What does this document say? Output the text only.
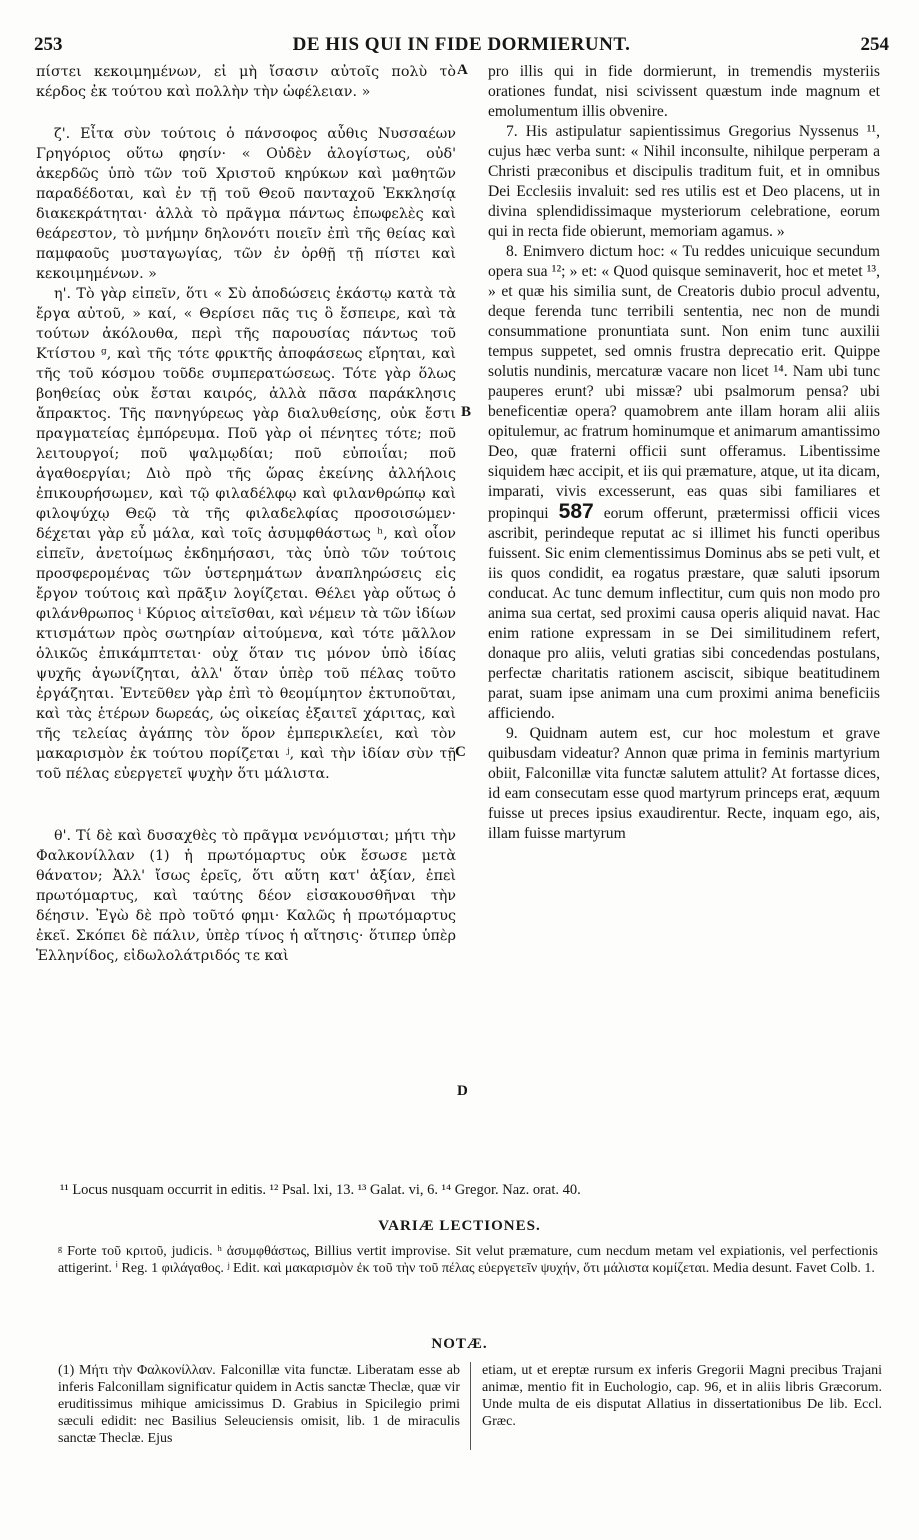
253	DE HIS QUI IN FIDE DORMIERUNT.	254

πίστει κεκοιμημένων, εἰ μὴ ἴσασιν αὐτοῖς πολὺ τὸ κέρδος ἐκ τούτου καὶ πολλὴν τὴν ὠφέλειαν. »

ζ'. Εἶτα σὺν τούτοις ὁ πάνσοφος αὖθις Νυσσαέων Γρηγόριος οὕτω φησίν· « Οὐδὲν ἀλογίστως, οὐδ' ἀκερδῶς ὑπὸ τῶν τοῦ Χριστοῦ κηρύκων καὶ μαθητῶν παραδέδοται, καὶ ἐν τῇ τοῦ Θεοῦ πανταχοῦ Ἐκκλησίᾳ διακεκράτηται· ἀλλὰ τὸ πρᾶγμα πάντως ἐπωφελὲς καὶ θεάρεστον, τὸ μνήμην δηλονότι ποιεῖν ἐπὶ τῆς θείας καὶ παμφαοῦς μυσταγωγίας, τῶν ἐν ὀρθῇ τῇ πίστει καὶ κεκοιμημένων. »

η'. Τὸ γὰρ εἰπεῖν, ὅτι « Σὺ ἀποδώσεις ἑκάστῳ κατὰ τὰ ἔργα αὐτοῦ, » καί, « Θερίσει πᾶς τις ὃ ἔσπειρε, καὶ τὰ τούτων ἀκόλουθα, περὶ τῆς παρουσίας πάντως τοῦ Κτίστου ᵍ, καὶ τῆς τότε φρικτῆς ἀποφάσεως εἴρηται, καὶ τῆς τοῦ κόσμου τοῦδε συμπερατώσεως. Τότε γὰρ ὅλως βοηθείας οὐκ ἔσται καιρός, ἀλλὰ πᾶσα παράκλησις ἄπρακτος. Τῆς πανηγύρεως γὰρ διαλυθείσης, οὐκ ἔστι πραγματείας ἐμπόρευμα. Ποῦ γὰρ οἱ πένητες τότε; ποῦ λειτουργοί; ποῦ ψαλμῳδίαι; ποῦ εὐποιΐαι; ποῦ ἀγαθοεργίαι; Διὸ πρὸ τῆς ὥρας ἐκείνης ἀλλήλοις ἐπικουρήσωμεν, καὶ τῷ φιλαδέλφῳ καὶ φιλανθρώπῳ καὶ φιλοψύχῳ Θεῷ τὰ τῆς φιλαδελφίας προσοισώμεν· δέχεται γὰρ εὖ μάλα, καὶ τοῖς ἀσυμφθάστως ʰ, καὶ οἷον εἰπεῖν, ἀνετοίμως ἐκδημήσασι, τὰς ὑπὸ τῶν τούτοις προσφερομένας τῶν ὑστερημάτων ἀναπληρώσεις εἰς ἔργον τούτοις καὶ πρᾶξιν λογίζεται. Θέλει γὰρ οὕτως ὁ φιλάνθρωπος ⁱ Κύριος αἰτεῖσθαι, καὶ νέμειν τὰ τῶν ἰδίων κτισμάτων πρὸς σωτηρίαν αἰτούμενα, καὶ τότε μᾶλλον ὁλικῶς ἐπικάμπτεται· οὐχ ὅταν τις μόνον ὑπὸ ἰδίας ψυχῆς ἀγωνίζηται, ἀλλ' ὅταν ὑπὲρ τοῦ πέλας τοῦτο ἐργάζηται. Ἐντεῦθεν γὰρ ἐπὶ τὸ θεομίμητον ἐκτυποῦται, καὶ τὰς ἑτέρων δωρεάς, ὡς οἰκείας ἐξαιτεῖ χάριτας, καὶ τῆς τελείας ἀγάπης τὸν ὅρον ἐμπερικλείει, καὶ τὸν μακαρισμὸν ἐκ τούτου πορίζεται ʲ, καὶ τὴν ἰδίαν σὺν τῇ τοῦ πέλας εὐεργετεῖ ψυχὴν ὅτι μάλιστα.

θ'. Τί δὲ καὶ δυσαχθὲς τὸ πρᾶγμα νενόμισται; μήτι τὴν Φαλκονίλλαν (1) ἡ πρωτόμαρτυς οὐκ ἔσωσε μετὰ θάνατον; Ἀλλ' ἴσως ἐρεῖς, ὅτι αὕτη κατ' ἀξίαν, ἐπεὶ πρωτόμαρτυς, καὶ ταύτης δέον εἰσακουσθῆναι τὴν δέησιν. Ἐγὼ δὲ πρὸ τοῦτό φημι· Καλῶς ἡ πρωτόμαρτυς ἐκεῖ. Σκόπει δὲ πάλιν, ὑπὲρ τίνος ἡ αἴτησις· ὅτιπερ ὑπὲρ Ἑλληνίδος, εἰδωλολάτριδός τε καὶ

A
B
C
D

pro illis qui in fide dormierunt, in tremendis mysteriis orationes fundat, nisi scivissent quæstum inde magnum et emolumentum illis obvenire.

7. His astipulatur sapientissimus Gregorius Nyssenus ¹¹, cujus hæc verba sunt: « Nihil inconsulte, nihilque perperam a Christi præconibus et discipulis traditum fuit, et in omnibus Dei Ecclesiis invaluit: sed res utilis est et Deo placens, ut in divina splendidissimaque mysteriorum celebratione, eorum qui in recta fide obierunt, memoriam agamus. »

8. Enimvero dictum hoc: « Tu reddes unicuique secundum opera sua ¹²; » et: « Quod quisque seminaverit, hoc et metet ¹³, » et quæ his similia sunt, de Creatoris dubio procul adventu, deque ferenda tunc terribili sententia, nec non de mundi consummatione pronuntiata sunt. Non enim tunc auxilii tempus suppetet, sed omnis frustra deprecatio erit. Quippe solutis nundinis, mercaturæ vacare non licet ¹⁴. Nam ubi tunc pauperes erunt? ubi missæ? ubi psalmorum pensa? ubi beneficentiæ opera? quamobrem ante illam horam alii aliis opitulemur, ac fratrum hominumque et animarum amantissimo Deo, quæ fraterni officii sunt offeramus. Libentissime siquidem hæc accipit, et iis qui præmature, atque, ut ita dicam, imparati, vivis excesserunt, eas quas sibi familiares et propinqui 587 eorum offerunt, prætermissi officii vices ascribit, perindeque reputat ac si illimet his functi operibus fuissent. Sic enim clementissimus Dominus abs se peti vult, et iis quos condidit, ea rogatus præstare, quæ saluti ipsorum conducat. Ac tunc demum inflectitur, cum quis non modo pro anima sua certat, sed proximi causa operis aliquid navat. Hac enim ratione expressam in se Dei similitudinem refert, donaque pro aliis, veluti gratias sibi concedendas postulans, perfectæ charitatis rationem asciscit, sibique beatitudinem parat, suam ipse animam una cum proximi anima beneficiis afficiendo.

9. Quidnam autem est, cur hoc molestum et grave quibusdam videatur? Annon quæ prima in feminis martyrium obiit, Falconillæ vita functæ salutem attulit? At fortasse dices, id eam consecutam esse quod martyrum princeps erat, æquum fuisse ut preces ipsius exaudirentur. Recte, inquam ego, ais, illam fuisse martyrum

¹¹ Locus nusquam occurrit in editis. ¹² Psal. lxi, 13. ¹³ Galat. vi, 6. ¹⁴ Gregor. Naz. orat. 40.
VARIÆ LECTIONES.

ᵍ Forte τοῦ κριτοῦ, judicis. ʰ ἀσυμφθάστως, Billius vertit improvise. Sit velut præmature, cum necdum metam vel expiationis, vel perfectionis attigerint. ⁱ Reg. 1 φιλάγαθος. ʲ Edit. καὶ μακαρισμὸν ἐκ τοῦ τὴν τοῦ πέλας εὐεργετεῖν ψυχήν, ὅτι μάλιστα κομίζεται. Media desunt. Favet Colb. 1.

NOTÆ.

(1) Μήτι τὴν Φαλκονίλλαν. Falconillæ vita functæ. Liberatam esse ab inferis Falconillam significatur quidem in Actis sanctæ Theclæ, quæ vir eruditissimus mihique amicissimus D. Grabius in Spicilegio primi sæculi edidit: nec Basilius Seleuciensis omisit, lib. 1 de miraculis sanctæ Theclæ. Ejus

etiam, ut et ereptæ rursum ex inferis Gregorii Magni precibus Trajani animæ, mentio fit in Euchologio, cap. 96, et in aliis libris Græcorum. Unde multa de eis disputat Allatius in dissertationibus De lib. Eccl. Græc.
